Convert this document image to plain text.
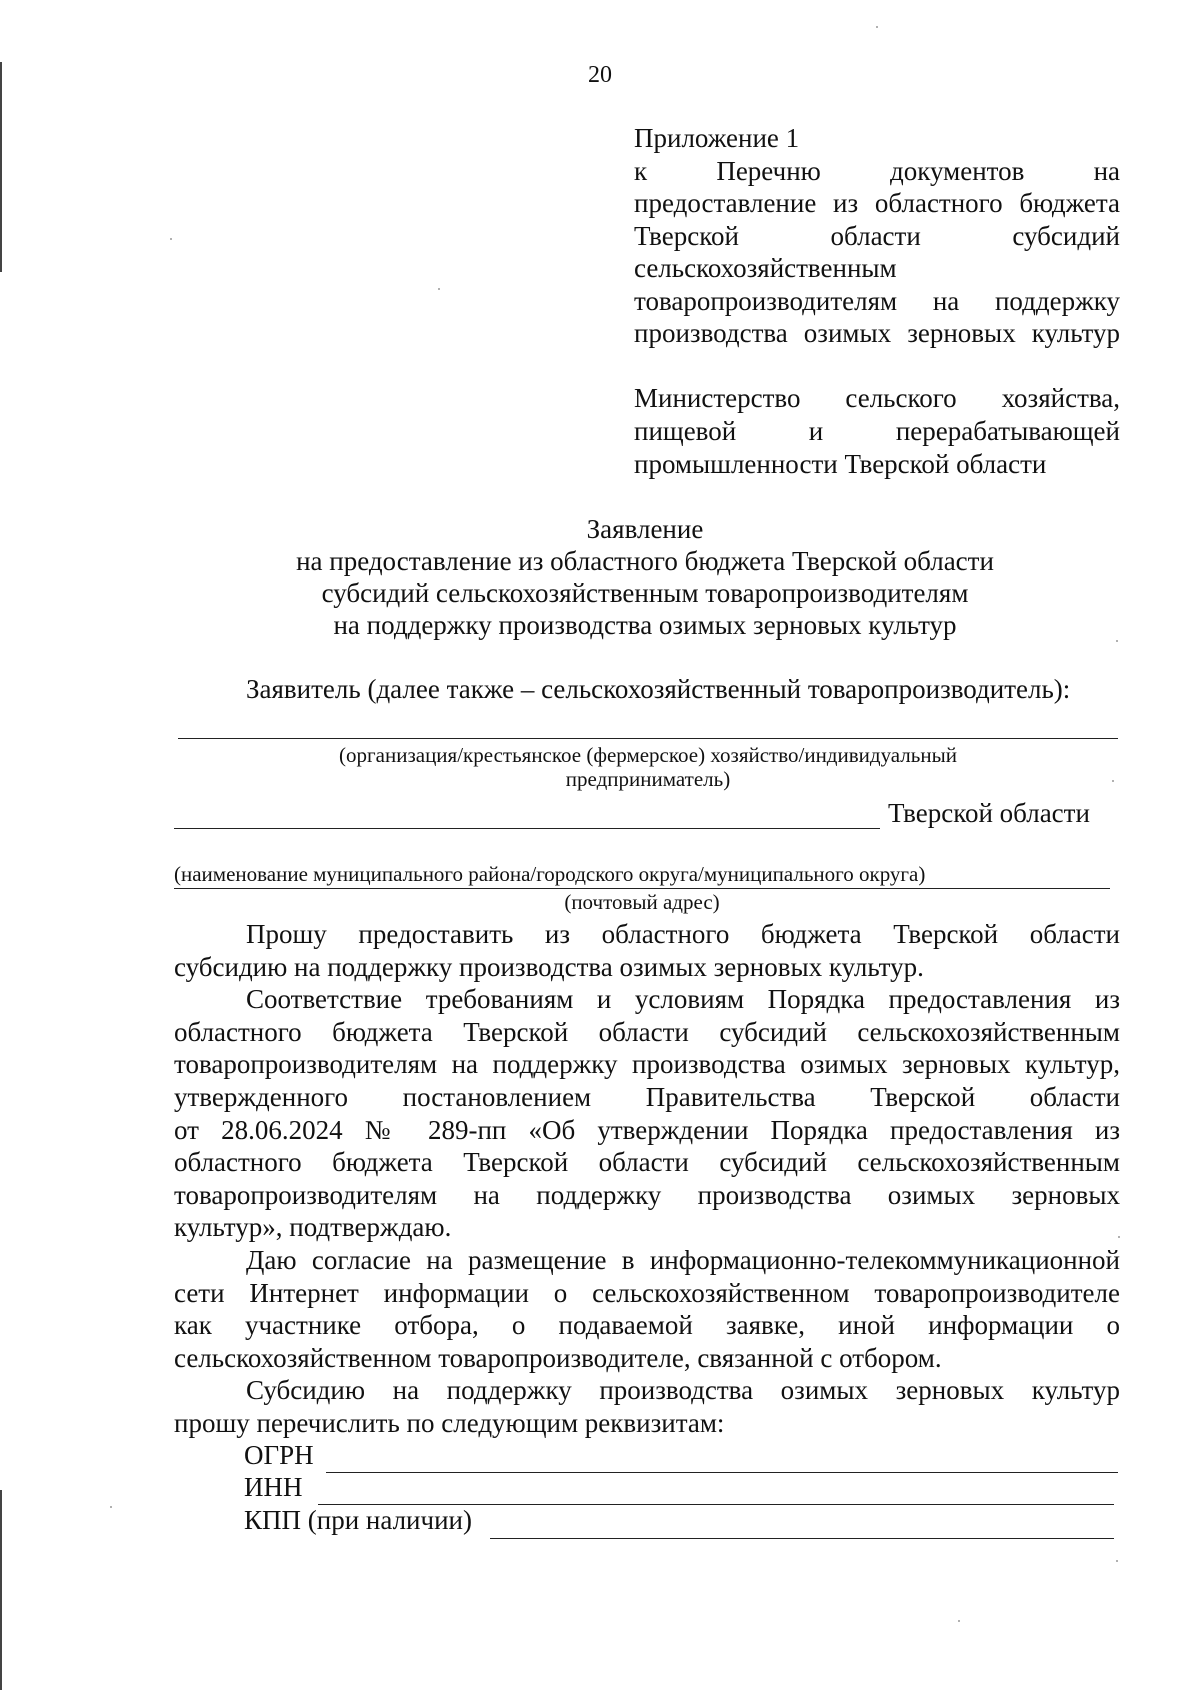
20
Приложение 1
к Перечню документов на
предоставление из областного бюджета
Тверской области субсидий
сельскохозяйственным
товаропроизводителям на поддержку
производства озимых зерновых культур
Министерство сельского хозяйства,
пищевой и перерабатывающей
промышленности Тверской области
Заявление
на предоставление из областного бюджета Тверской области
субсидий сельскохозяйственным товаропроизводителям
на поддержку производства озимых зерновых культур
Заявитель (далее также – сельскохозяйственный товаропроизводитель):
(организация/крестьянское (фермерское) хозяйство/индивидуальный
предприниматель)
Тверской области
(наименование муниципального района/городского округа/муниципального округа)
(почтовый адрес)
Прошу предоставить из областного бюджета Тверской области
субсидию на поддержку производства озимых зерновых культур.
Соответствие требованиям и условиям Порядка предоставления из
областного бюджета Тверской области субсидий сельскохозяйственным
товаропроизводителям на поддержку производства озимых зерновых культур,
утвержденного постановлением Правительства Тверской области
от 28.06.2024 № 289-пп «Об утверждении Порядка предоставления из
областного бюджета Тверской области субсидий сельскохозяйственным
товаропроизводителям на поддержку производства озимых зерновых
культур», подтверждаю.
Даю согласие на размещение в информационно-телекоммуникационной
сети Интернет информации о сельскохозяйственном товаропроизводителе
как участнике отбора, о подаваемой заявке, иной информации о
сельскохозяйственном товаропроизводителе, связанной с отбором.
Субсидию на поддержку производства озимых зерновых культур
прошу перечислить по следующим реквизитам:
ОГРН
ИНН
КПП (при наличии)
